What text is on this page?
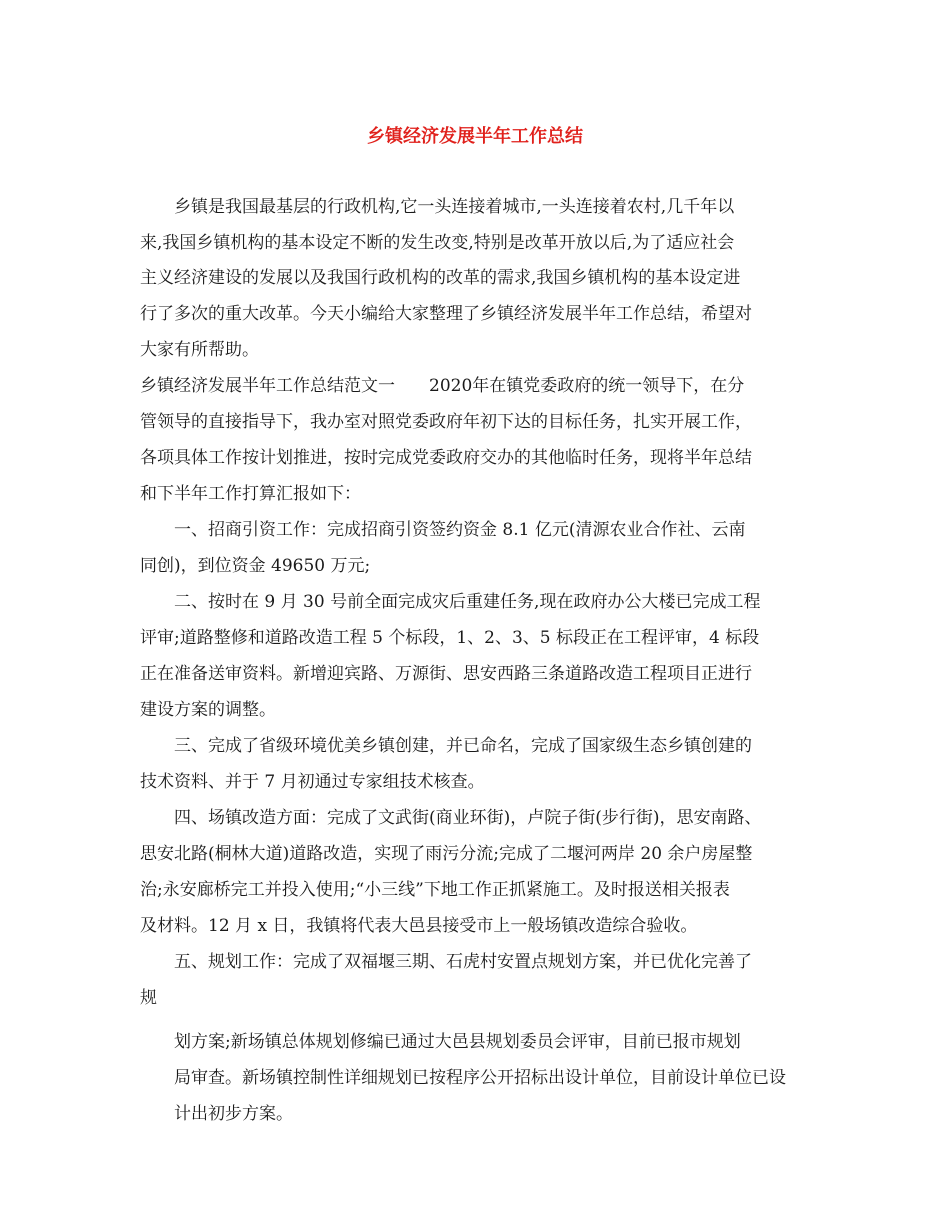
乡镇经济发展半年工作总结
乡镇是我国最基层的行政机构,它一头连接着城市,一头连接着农村,几千年以
来,我国乡镇机构的基本设定不断的发生改变,特别是改革开放以后,为了适应社会
主义经济建设的发展以及我国行政机构的改革的需求,我国乡镇机构的基本设定进
行了多次的重大改革。今天小编给大家整理了乡镇经济发展半年工作总结，希望对
大家有所帮助。
乡镇经济发展半年工作总结范文一　　2020年在镇党委政府的统一领导下，在分
管领导的直接指导下，我办室对照党委政府年初下达的目标任务，扎实开展工作，
各项具体工作按计划推进，按时完成党委政府交办的其他临时任务，现将半年总结
和下半年工作打算汇报如下：
一、招商引资工作：完成招商引资签约资金 8.1 亿元(清源农业合作社、云南
同创)，到位资金 49650 万元;
二、按时在 9 月 30 号前全面完成灾后重建任务,现在政府办公大楼已完成工程
评审;道路整修和道路改造工程 5 个标段，1、2、3、5 标段正在工程评审，4 标段
正在准备送审资料。新增迎宾路、万源街、思安西路三条道路改造工程项目正进行
建设方案的调整。
三、完成了省级环境优美乡镇创建，并已命名，完成了国家级生态乡镇创建的
技术资料、并于 7 月初通过专家组技术核查。
四、场镇改造方面：完成了文武街(商业环街)，卢院子街(步行街)，思安南路、
思安北路(桐林大道)道路改造，实现了雨污分流;完成了二堰河两岸 20 余户房屋整
治;永安廊桥完工并投入使用;“小三线”下地工作正抓紧施工。及时报送相关报表
及材料。12 月 x 日，我镇将代表大邑县接受市上一般场镇改造综合验收。
五、规划工作：完成了双福堰三期、石虎村安置点规划方案，并已优化完善了
规
划方案;新场镇总体规划修编已通过大邑县规划委员会评审，目前已报市规划
局审查。新场镇控制性详细规划已按程序公开招标出设计单位，目前设计单位已设
计出初步方案。
